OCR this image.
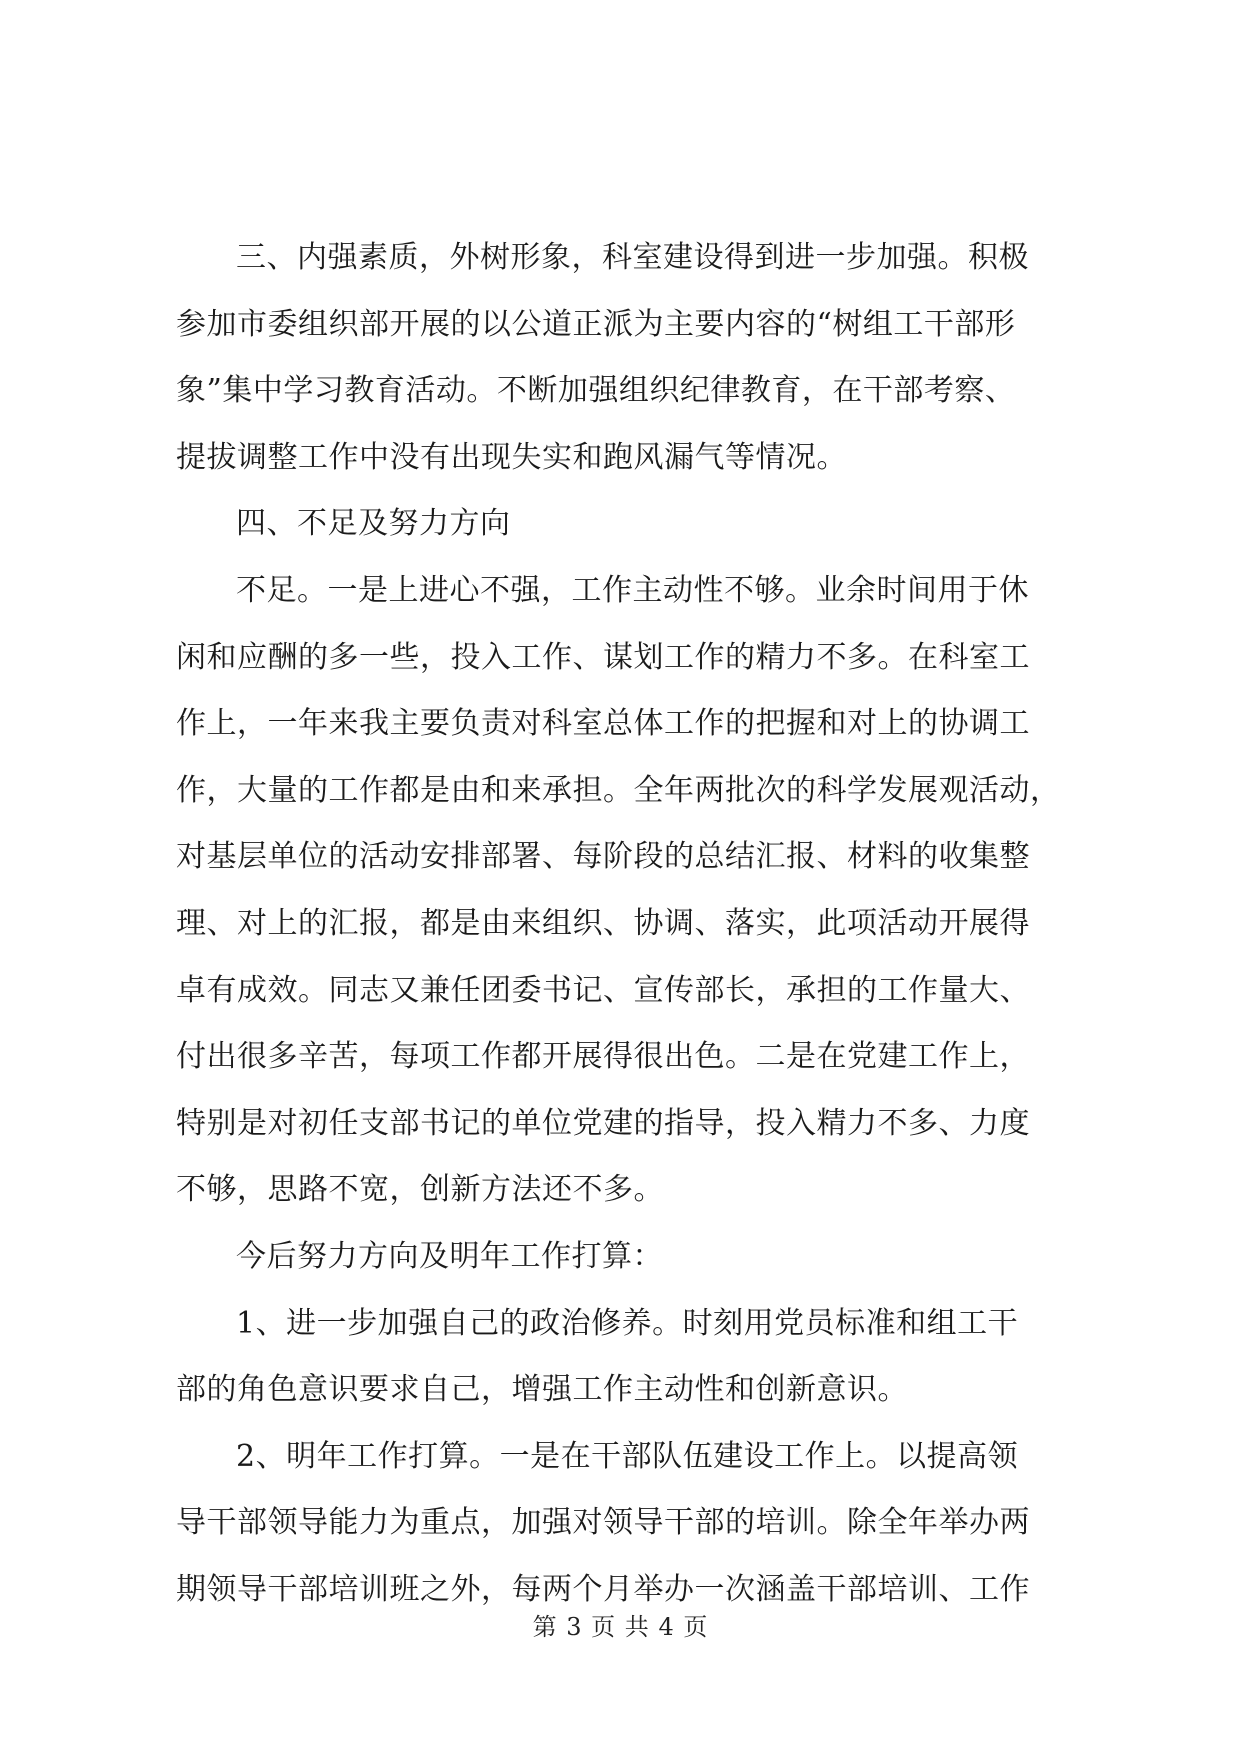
三、内强素质，外树形象，科室建设得到进一步加强。积极
参加市委组织部开展的以公道正派为主要内容的“树组工干部形
象”集中学习教育活动。不断加强组织纪律教育，在干部考察、
提拔调整工作中没有出现失实和跑风漏气等情况。
四、不足及努力方向
不足。一是上进心不强，工作主动性不够。业余时间用于休
闲和应酬的多一些，投入工作、谋划工作的精力不多。在科室工
作上，一年来我主要负责对科室总体工作的把握和对上的协调工
作，大量的工作都是由和来承担。全年两批次的科学发展观活动，
对基层单位的活动安排部署、每阶段的总结汇报、材料的收集整
理、对上的汇报，都是由来组织、协调、落实，此项活动开展得
卓有成效。同志又兼任团委书记、宣传部长，承担的工作量大、
付出很多辛苦，每项工作都开展得很出色。二是在党建工作上，
特别是对初任支部书记的单位党建的指导，投入精力不多、力度
不够，思路不宽，创新方法还不多。
今后努力方向及明年工作打算：
1、进一步加强自己的政治修养。时刻用党员标准和组工干
部的角色意识要求自己，增强工作主动性和创新意识。
2、明年工作打算。一是在干部队伍建设工作上。以提高领
导干部领导能力为重点，加强对领导干部的培训。除全年举办两
期领导干部培训班之外，每两个月举办一次涵盖干部培训、工作
第 3 页 共 4 页
